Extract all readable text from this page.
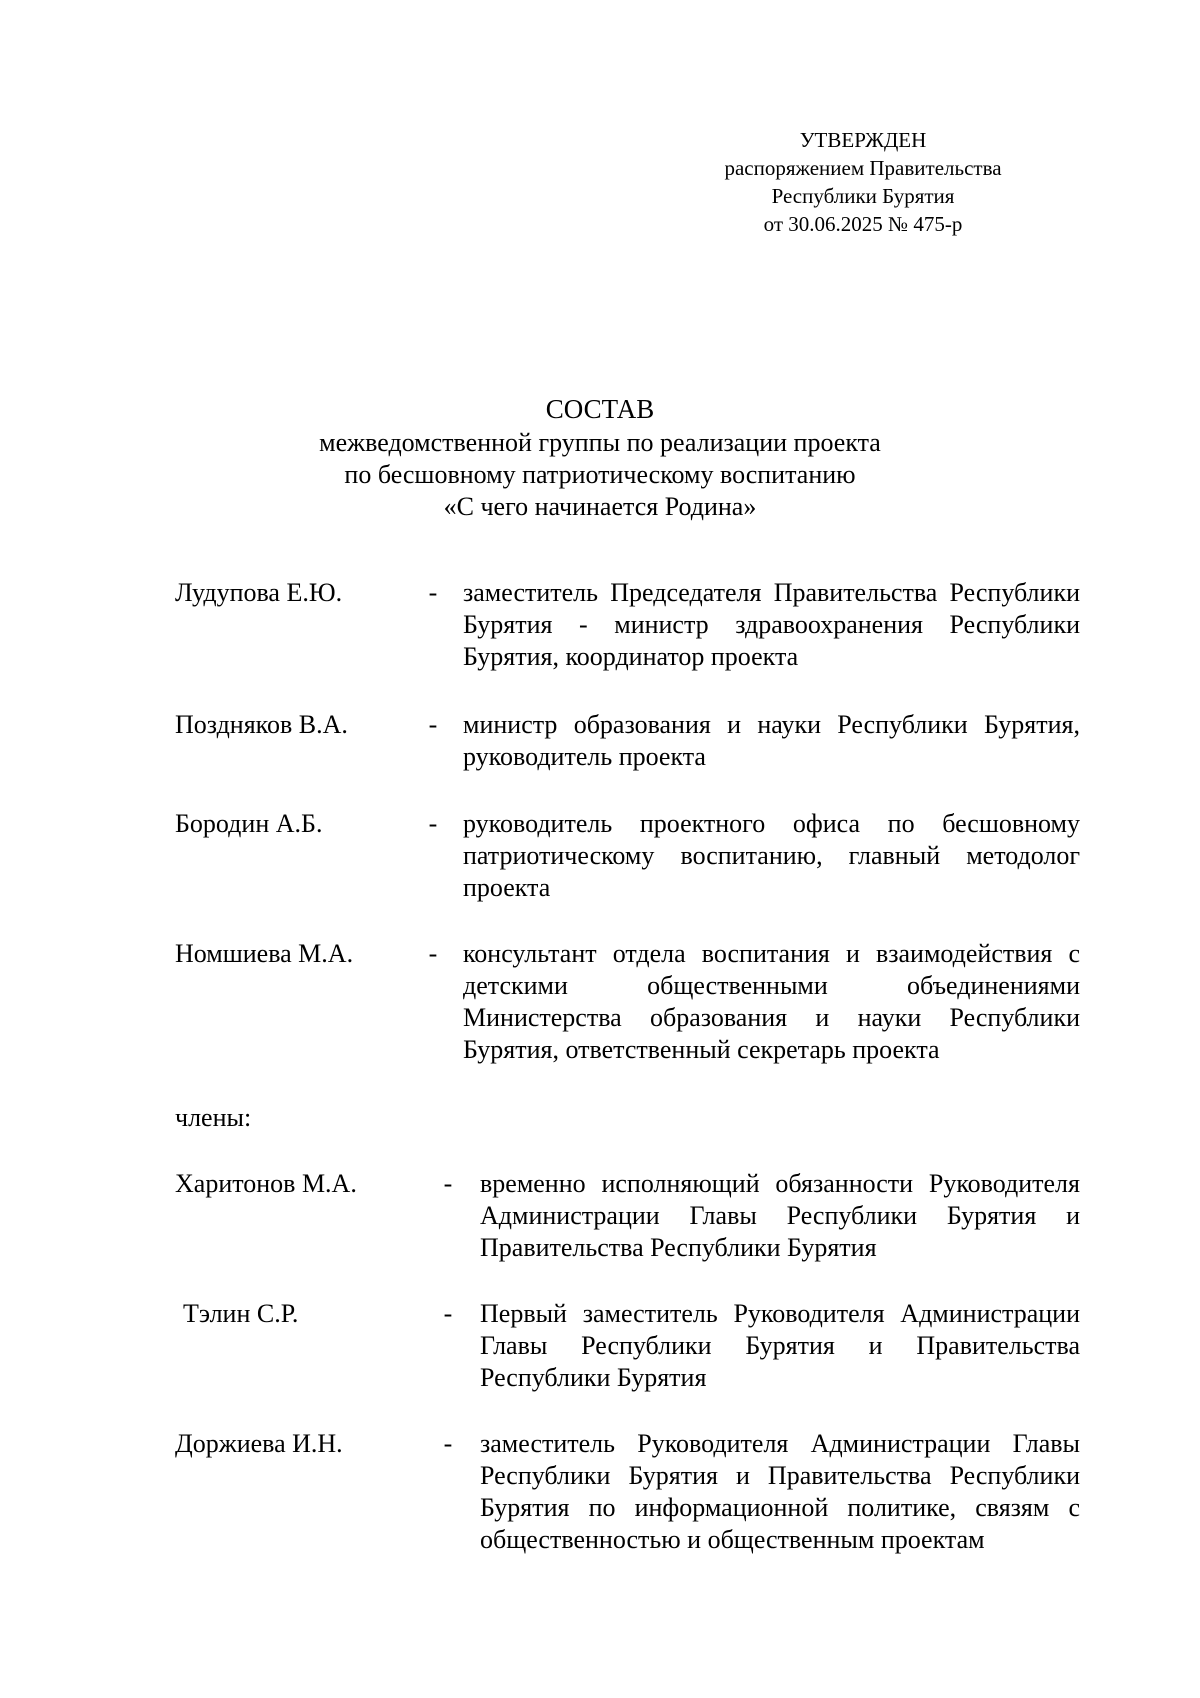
УТВЕРЖДЕН
распоряжением Правительства
Республики Бурятия
от 30.06.2025 № 475-р
СОСТАВ
межведомственной группы по реализации проекта
по бесшовному патриотическому воспитанию
«С чего начинается Родина»
Лудупова Е.Ю.	- заместитель Председателя Правительства Республики Бурятия - министр здравоохранения Республики Бурятия, координатор проекта
Поздняков В.А.	- министр образования и науки Республики Бурятия, руководитель проекта
Бородин А.Б.	- руководитель проектного офиса по бесшовному патриотическому воспитанию, главный методолог проекта
Номшиева М.А.	- консультант отдела воспитания и взаимодействия с детскими общественными объединениями Министерства образования и науки Республики Бурятия, ответственный секретарь проекта
члены:
Харитонов М.А.	- временно исполняющий обязанности Руководителя Администрации Главы Республики Бурятия и Правительства Республики Бурятия
Тэлин С.Р.	- Первый заместитель Руководителя Администрации Главы Республики Бурятия и Правительства Республики Бурятия
Доржиева И.Н.	- заместитель Руководителя Администрации Главы Республики Бурятия и Правительства Республики Бурятия по информационной политике, связям с общественностью и общественным проектам
